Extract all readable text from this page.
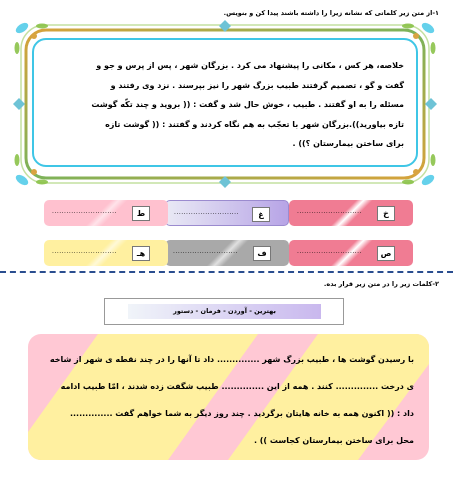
۱-از متن زیر کلماتی که نشانه زیرا را داشته باشند پیدا کن و بنویس.
خلاصه، هر کس ، مکانی را پیشنهاد می کرد . بزرگان شهر ، پس از پرس و جو و
گفت و گو ، تصمیم گرفتند طبیب بزرگ شهر را نیز بپرسند . نزد وی رفتند و
مسئله را به او گفتند . طبیب ، خوش حال شد و گفت : (( بروید و چند تکّه گوشت
تازه بیاورید)).بزرگان شهر با تعجّب به هم نگاه کردند و گفتند : (( گوشت تازه
برای ساختن بیمارستان ؟)) .
خ
...........................
غ
...........................
ط
...........................
ص
...........................
ف
...........................
هـ
...........................
۲-کلمات زیر را در متن زیر قرار بده.
بهترین - آوردن - فرمان - دستور
با رسیدن گوشت ها ، طبیب بزرگ شهر .............. داد تا آنها را در چند نقطه ی شهر از شاخه
ی درخت .............. کنند . همه از این .............. طبیب شگفت زده شدند ، امّا طبیب ادامه
داد : (( اکنون همه به خانه هایتان برگردید . چند روز دیگر به شما خواهم گفت ..............
محل برای ساختن بیمارستان کجاست )) .
